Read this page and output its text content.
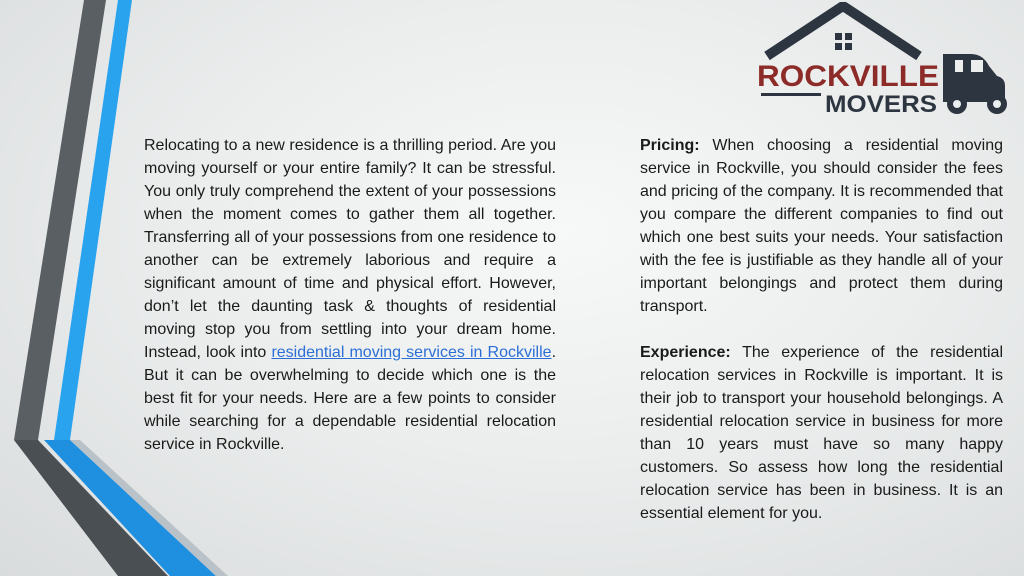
ROCKVILLE
MOVERS

Relocating to a new residence is a thrilling period. Are you moving yourself or your entire family? It can be stressful. You only truly comprehend the extent of your possessions when the moment comes to gather them all together. Transferring all of your possessions from one residence to another can be extremely laborious and require a significant amount of time and physical effort. However, don’t let the daunting task & thoughts of residential moving stop you from settling into your dream home. Instead, look into residential moving services in Rockville. But it can be overwhelming to decide which one is the best fit for your needs. Here are a few points to consider while searching for a dependable residential relocation service in Rockville.

Pricing: When choosing a residential moving service in Rockville, you should consider the fees and pricing of the company. It is recommended that you compare the different companies to find out which one best suits your needs. Your satisfaction with the fee is justifiable as they handle all of your important belongings and protect them during transport.

Experience: The experience of the residential relocation services in Rockville is important. It is their job to transport your household belongings. A residential relocation service in business for more than 10 years must have so many happy customers. So assess how long the residential relocation service has been in business. It is an essential element for you.
